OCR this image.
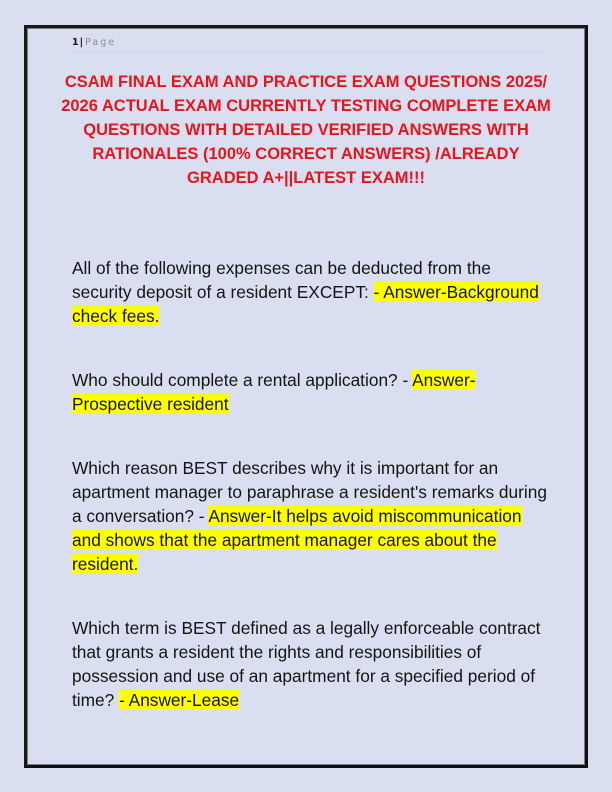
1| Page
CSAM FINAL EXAM AND PRACTICE EXAM QUESTIONS 2025/ 2026 ACTUAL EXAM CURRENTLY TESTING COMPLETE EXAM QUESTIONS WITH DETAILED VERIFIED ANSWERS WITH RATIONALES (100% CORRECT ANSWERS) /ALREADY GRADED A+||LATEST EXAM!!!
All of the following expenses can be deducted from the security deposit of a resident EXCEPT: - Answer-Background check fees.
Who should complete a rental application? - Answer-Prospective resident
Which reason BEST describes why it is important for an apartment manager to paraphrase a resident's remarks during a conversation? - Answer-It helps avoid miscommunication and shows that the apartment manager cares about the resident.
Which term is BEST defined as a legally enforceable contract that grants a resident the rights and responsibilities of possession and use of an apartment for a specified period of time? - Answer-Lease
